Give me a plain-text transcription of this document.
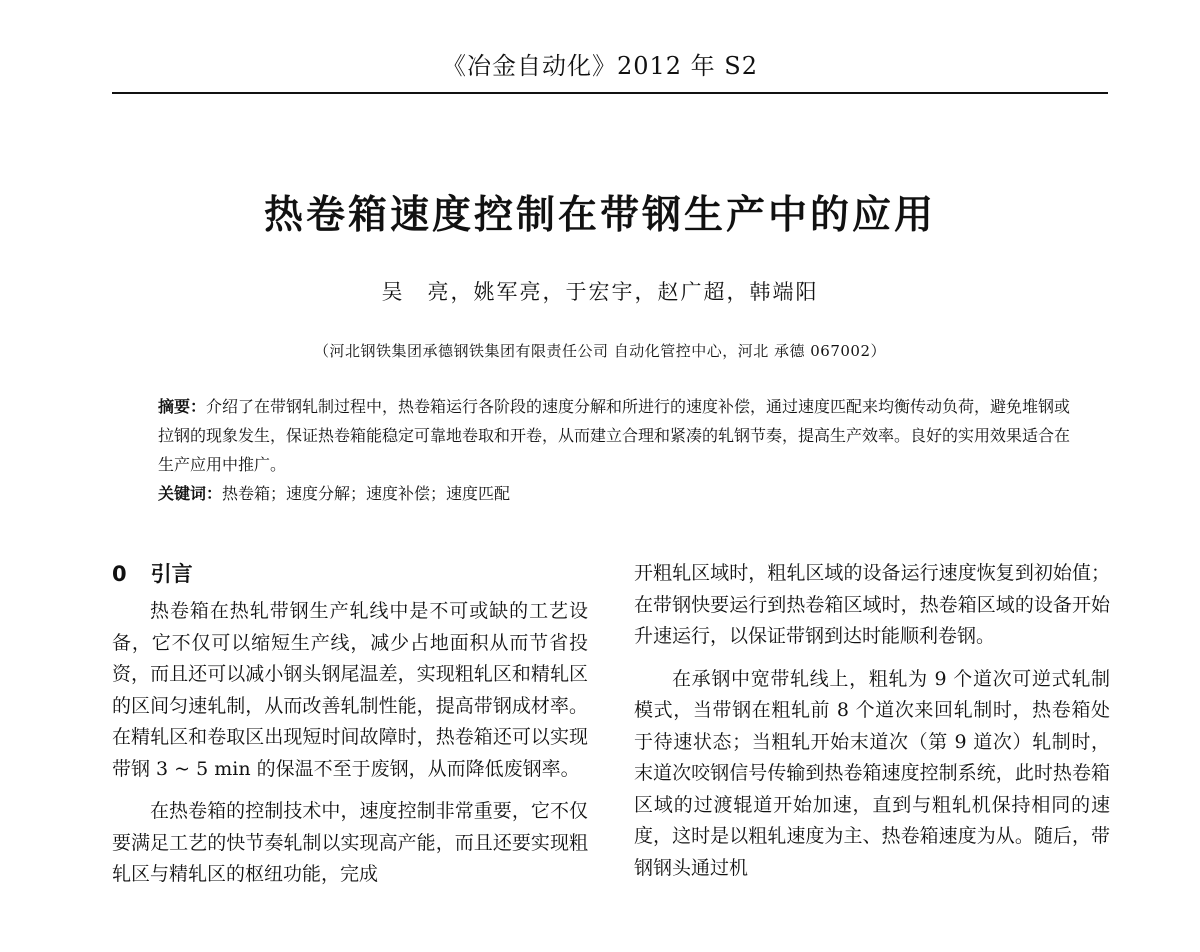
《冶金自动化》2012 年 S2
热卷箱速度控制在带钢生产中的应用
吴　亮，姚军亮，于宏宇，赵广超，韩端阳
（河北钢铁集团承德钢铁集团有限责任公司 自动化管控中心，河北 承德 067002）

摘要：介绍了在带钢轧制过程中，热卷箱运行各阶段的速度分解和所进行的速度补偿，通过速度匹配来均衡传动负荷，避免堆钢或拉钢的现象发生，保证热卷箱能稳定可靠地卷取和开卷，从而建立合理和紧凑的轧钢节奏，提高生产效率。良好的实用效果适合在生产应用中推广。

关键词：热卷箱；速度分解；速度补偿；速度匹配

0 引言

热卷箱在热轧带钢生产轧线中是不可或缺的工艺设备，它不仅可以缩短生产线，减少占地面积从而节省投资，而且还可以减小钢头钢尾温差，实现粗轧区和精轧区的区间匀速轧制，从而改善轧制性能，提高带钢成材率。在精轧区和卷取区出现短时间故障时，热卷箱还可以实现带钢 3 ~ 5 min 的保温不至于废钢，从而降低废钢率。

在热卷箱的控制技术中，速度控制非常重要，它不仅要满足工艺的快节奏轧制以实现高产能，而且还要实现粗轧区与精轧区的枢纽功能，完成

开粗轧区域时，粗轧区域的设备运行速度恢复到初始值；在带钢快要运行到热卷箱区域时，热卷箱区域的设备开始升速运行，以保证带钢到达时能顺利卷钢。

在承钢中宽带轧线上，粗轧为 9 个道次可逆式轧制模式，当带钢在粗轧前 8 个道次来回轧制时，热卷箱处于待速状态；当粗轧开始末道次（第 9 道次）轧制时，末道次咬钢信号传输到热卷箱速度控制系统，此时热卷箱区域的过渡辊道开始加速，直到与粗轧机保持相同的速度，这时是以粗轧速度为主、热卷箱速度为从。随后，带钢钢头通过机
